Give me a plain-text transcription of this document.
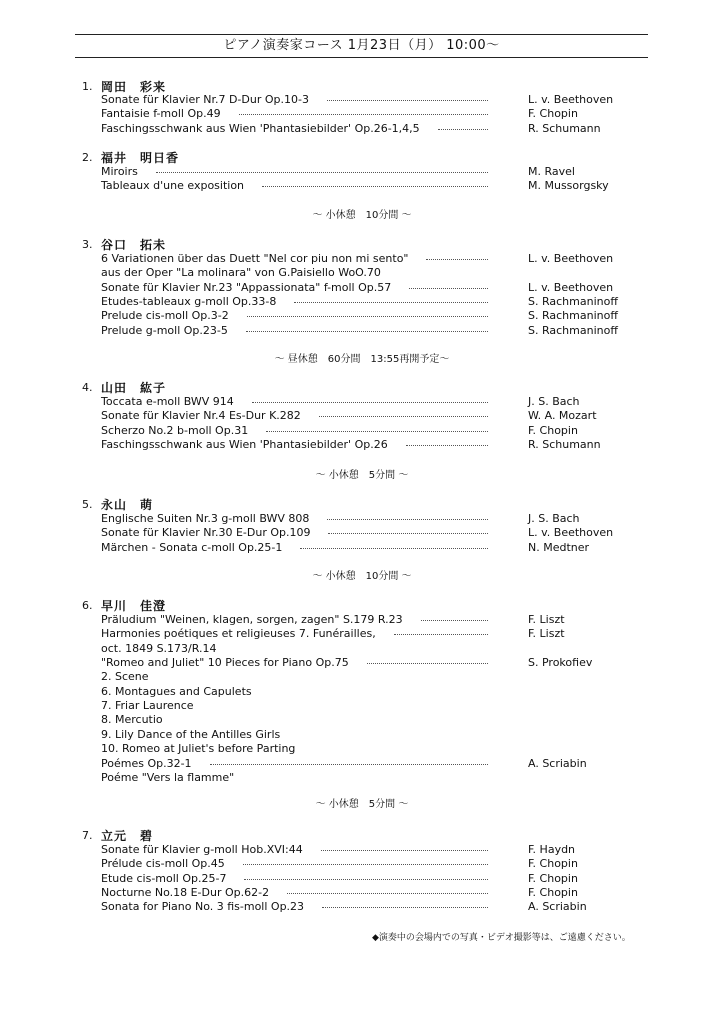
ピアノ演奏家コース 1月23日（月） 10:00～
1. 岡田　彩来
Sonate für Klavier Nr.7 D-Dur Op.10-3	L. v. Beethoven
Fantaisie f-moll Op.49	F. Chopin
Faschingsschwank aus Wien 'Phantasiebilder' Op.26-1,4,5	R. Schumann
2. 福井　明日香
Miroirs	M. Ravel
Tableaux d'une exposition	M. Mussorgsky
3. 谷口　拓未
6 Variationen über das Duett "Nel cor piu non mi sento"	L. v. Beethoven
aus der Oper "La molinara" von G.Paisiello WoO.70
Sonate für Klavier Nr.23 "Appassionata" f-moll Op.57	L. v. Beethoven
Etudes-tableaux g-moll Op.33-8	S. Rachmaninoff
Prelude cis-moll Op.3-2	S. Rachmaninoff
Prelude g-moll Op.23-5	S. Rachmaninoff
4. 山田　紘子
Toccata e-moll BWV 914	J. S. Bach
Sonate für Klavier Nr.4 Es-Dur K.282	W. A. Mozart
Scherzo No.2 b-moll Op.31	F. Chopin
Faschingsschwank aus Wien 'Phantasiebilder' Op.26	R. Schumann
5. 永山　萌
Englische Suiten Nr.3 g-moll BWV 808	J. S. Bach
Sonate für Klavier Nr.30 E-Dur Op.109	L. v. Beethoven
Märchen - Sonata c-moll Op.25-1	N. Medtner
6. 早川　佳澄
Präludium "Weinen, klagen, sorgen, zagen" S.179 R.23	F. Liszt
Harmonies poétiques et religieuses 7. Funérailles,	F. Liszt
oct. 1849 S.173/R.14
"Romeo and Juliet" 10 Pieces for Piano Op.75	S. Prokofiev
2. Scene
6. Montagues and Capulets
7. Friar Laurence
8. Mercutio
9. Lily Dance of the Antilles Girls
10. Romeo at Juliet's before Parting
Poémes Op.32-1	A. Scriabin
Poéme "Vers la flamme"
7. 立元　碧
Sonate für Klavier g-moll Hob.XVI:44	F. Haydn
Prélude cis-moll Op.45	F. Chopin
Etude cis-moll Op.25-7	F. Chopin
Nocturne No.18 E-Dur Op.62-2	F. Chopin
Sonata for Piano No. 3 fis-moll Op.23	A. Scriabin
～ 小休憩　10分間 ～
～ 昼休憩　60分間　13:55再開予定～
～ 小休憩　5分間 ～
～ 小休憩　10分間 ～
～ 小休憩　5分間 ～
◆演奏中の会場内での写真・ビデオ撮影等は、ご遠慮ください。
